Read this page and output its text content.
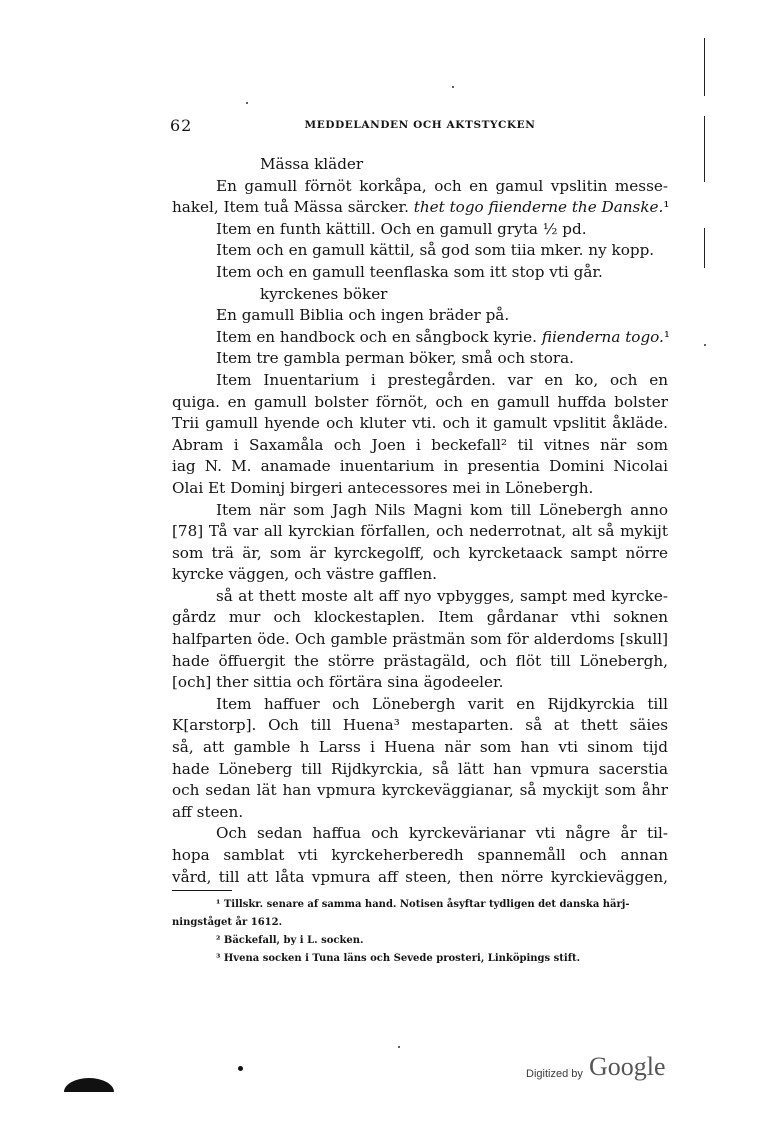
62	MEDDELANDEN OCH AKTSTYCKEN
Mässa kläder
En gamull förnöt korkåpa, och en gamul vpslitin messe-
hakel, Item tuå Mässa särcker. thet togo fiienderne the Danske.¹
Item en funth kättill. Och en gamull gryta ½ pd.
Item och en gamull kättil, så god som tiia mker. ny kopp.
Item och en gamull teenflaska som itt stop vti går.
kyrckenes böker
En gamull Biblia och ingen bräder på.
Item en handbock och en sångbock kyrie. fiienderna togo.¹
Item tre gambla perman böker, små och stora.
Item Inuentarium i prestegården. var en ko, och en
quiga. en gamull bolster förnöt, och en gamull huffda bolster
Trii gamull hyende och kluter vti. och it gamult vpslitit åkläde.
Abram i Saxamåla och Joen i beckefall² til vitnes när som
iag N. M. anamade inuentarium in presentia Domini Nicolai
Olai Et Dominj birgeri antecessores mei in Lönebergh.
Item när som Jagh Nils Magni kom till Lönebergh anno
[78] Tå var all kyrckian förfallen, och nederrotnat, alt så mykijt
som trä är, som är kyrckegolff, och kyrcketaack sampt nörre
kyrcke väggen, och västre gafflen.
så at thett moste alt aff nyo vpbygges, sampt med kyrcke-
gårdz mur och klockestaplen. Item gårdanar vthi soknen
halfparten öde. Och gamble prästmän som för alderdoms [skull]
hade öffuergit the större prästagäld, och flöt till Lönebergh,
[och] ther sittia och förtära sina ägodeeler.
Item haffuer och Lönebergh varit en Rijdkyrckia till
K[arstorp]. Och till Huena³ mestaparten. så at thett säies
så, att gamble h Larss i Huena när som han vti sinom tijd
hade Löneberg till Rijdkyrckia, så lätt han vpmura sacerstia
och sedan lät han vpmura kyrckeväggianar, så myckijt som åhr
aff steen.
Och sedan haffua och kyrckevärianar vti någre år til-
hopa samblat vti kyrckeherberedh spannemåll och annan
vård, till att låta vpmura aff steen, then nörre kyrckieväggen,
¹ Tillskr. senare af samma hand. Notisen åsyftar tydligen det danska härj-
ningståget år 1612.
² Bäckefall, by i L. socken.
³ Hvena socken i Tuna läns och Sevede prosteri, Linköpings stift.
Digitized by Google
